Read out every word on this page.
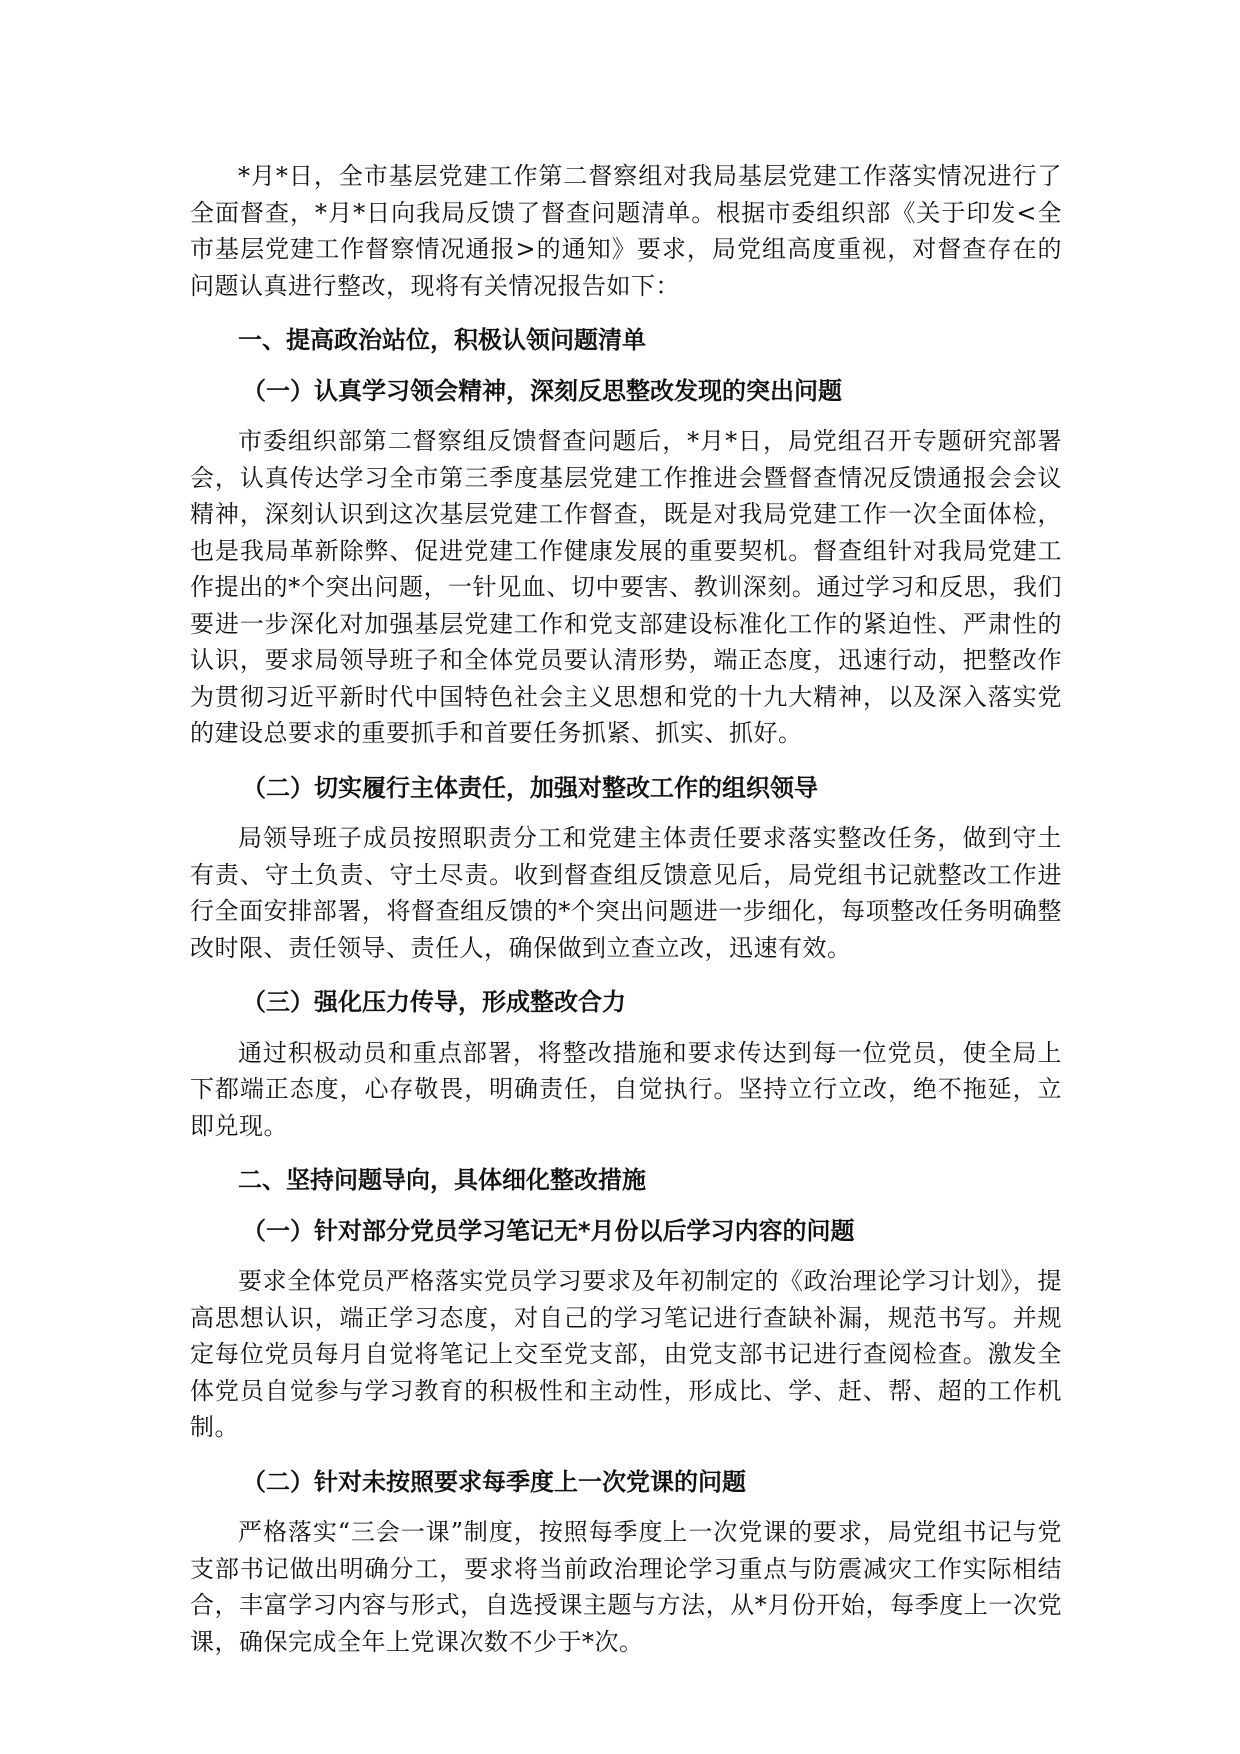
*月*日，全市基层党建工作第二督察组对我局基层党建工作落实情况进行了全面督查，*月*日向我局反馈了督查问题清单。根据市委组织部《关于印发<全市基层党建工作督察情况通报>的通知》要求，局党组高度重视，对督查存在的问题认真进行整改，现将有关情况报告如下：

一、提高政治站位，积极认领问题清单

（一）认真学习领会精神，深刻反思整改发现的突出问题

市委组织部第二督察组反馈督查问题后，*月*日，局党组召开专题研究部署会，认真传达学习全市第三季度基层党建工作推进会暨督查情况反馈通报会会议精神，深刻认识到这次基层党建工作督查，既是对我局党建工作一次全面体检，也是我局革新除弊、促进党建工作健康发展的重要契机。督查组针对我局党建工作提出的*个突出问题，一针见血、切中要害、教训深刻。通过学习和反思，我们要进一步深化对加强基层党建工作和党支部建设标准化工作的紧迫性、严肃性的认识，要求局领导班子和全体党员要认清形势，端正态度，迅速行动，把整改作为贯彻习近平新时代中国特色社会主义思想和党的十九大精神，以及深入落实党的建设总要求的重要抓手和首要任务抓紧、抓实、抓好。

（二）切实履行主体责任，加强对整改工作的组织领导

局领导班子成员按照职责分工和党建主体责任要求落实整改任务，做到守土有责、守土负责、守土尽责。收到督查组反馈意见后，局党组书记就整改工作进行全面安排部署，将督查组反馈的*个突出问题进一步细化，每项整改任务明确整改时限、责任领导、责任人，确保做到立查立改，迅速有效。

（三）强化压力传导，形成整改合力

通过积极动员和重点部署，将整改措施和要求传达到每一位党员，使全局上下都端正态度，心存敬畏，明确责任，自觉执行。坚持立行立改，绝不拖延，立即兑现。

二、坚持问题导向，具体细化整改措施

（一）针对部分党员学习笔记无*月份以后学习内容的问题

要求全体党员严格落实党员学习要求及年初制定的《政治理论学习计划》，提高思想认识，端正学习态度，对自己的学习笔记进行查缺补漏，规范书写。并规定每位党员每月自觉将笔记上交至党支部，由党支部书记进行查阅检查。激发全体党员自觉参与学习教育的积极性和主动性，形成比、学、赶、帮、超的工作机制。

（二）针对未按照要求每季度上一次党课的问题

严格落实“三会一课”制度，按照每季度上一次党课的要求，局党组书记与党支部书记做出明确分工，要求将当前政治理论学习重点与防震减灾工作实际相结合，丰富学习内容与形式，自选授课主题与方法，从*月份开始，每季度上一次党课，确保完成全年上党课次数不少于*次。
